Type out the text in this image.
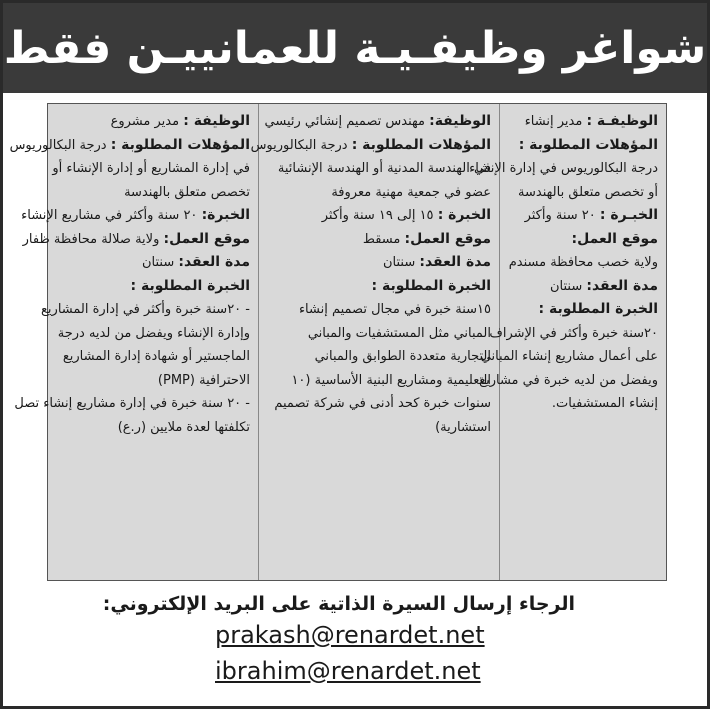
شواغر وظيفـيـة للعمانييـن فقط
الوظيفـة : مدير إنشاء
المؤهلات المطلوبة :
درجة البكالوريوس في إدارة الإنشاء
أو تخصص متعلق بالهندسة
الخبـرة : ٢٠ سنة وأكثر
موقع العمل:
ولاية خصب محافظة مسندم
مدة العقد: سنتان
الخبرة المطلوبة :
٢٠سنة خبرة وأكثر في الإشراف
على أعمال مشاريع إنشاء المباني
ويفضل من لديه خبرة في مشاريع
إنشاء المستشفيات.
الوظيفة: مهندس تصميم إنشائي رئيسي
المؤهلات المطلوبة : درجة البكالوريوس
في الهندسة المدنية أو الهندسة الإنشائية
عضو في جمعية مهنية معروفة
الخبرة : ١٥ إلى ١٩ سنة وأكثر
موقع العمل: مسقط
مدة العقد: سنتان
الخبرة المطلوبة :
١٥سنة خبرة في مجال تصميم إنشاء
المباني مثل المستشفيات والمباني
التجارية متعددة الطوابق والمباني
التعليمية ومشاريع البنية الأساسية (١٠
سنوات خبرة كحد أدنى في شركة تصميم
استشارية)
الوظيفة : مدير مشروع
المؤهلات المطلوبة : درجة البكالوريوس
في إدارة المشاريع أو إدارة الإنشاء أو
تخصص متعلق بالهندسة
الخبرة: ٢٠ سنة وأكثر في مشاريع الإنشاء
موقع العمل: ولاية صلالة محافظة ظفار
مدة العقد: سنتان
الخبرة المطلوبة :
- ٢٠سنة خبرة وأكثر في إدارة المشاريع
وإدارة الإنشاء ويفضل من لديه درجة
الماجستير أو شهادة إدارة المشاريع
الاحترافية (PMP)
- ٢٠ سنة خبرة في إدارة مشاريع إنشاء تصل
تكلفتها لعدة ملايين (ر.ع)
الرجاء إرسال السيرة الذاتية على البريد الإلكتروني:
prakash@renardet.net
ibrahim@renardet.net
